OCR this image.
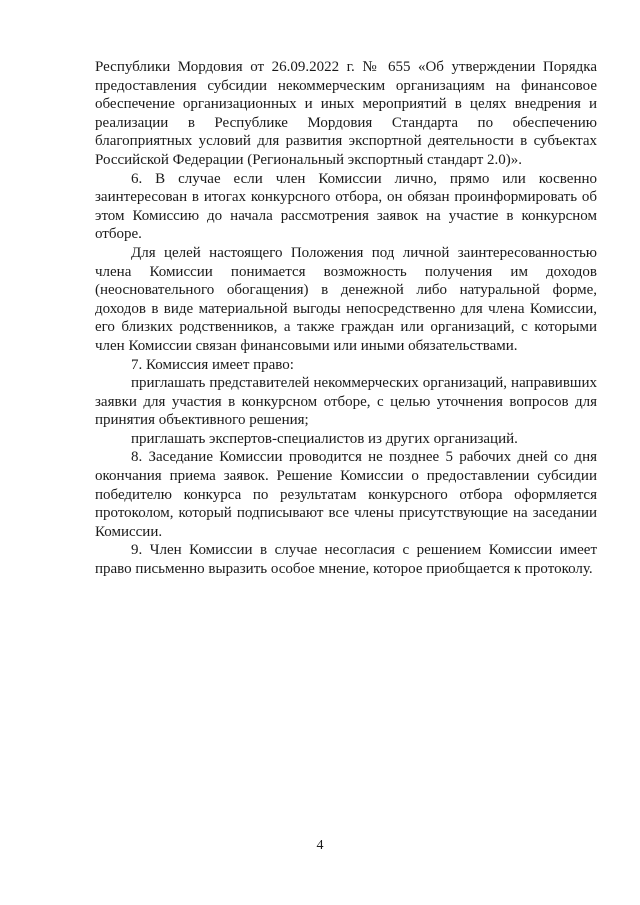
Республики Мордовия от 26.09.2022 г. № 655 «Об утверждении Порядка предоставления субсидии некоммерческим организациям на финансовое обеспечение организационных и иных мероприятий в целях внедрения и реализации в Республике Мордовия Стандарта по обеспечению благоприятных условий для развития экспортной деятельности в субъектах Российской Федерации (Региональный экспортный стандарт 2.0)».

6. В случае если член Комиссии лично, прямо или косвенно заинтересован в итогах конкурсного отбора, он обязан проинформировать об этом Комиссию до начала рассмотрения заявок на участие в конкурсном отборе.

Для целей настоящего Положения под личной заинтересованностью члена Комиссии понимается возможность получения им доходов (неосновательного обогащения) в денежной либо натуральной форме, доходов в виде материальной выгоды непосредственно для члена Комиссии, его близких родственников, а также граждан или организаций, с которыми член Комиссии связан финансовыми или иными обязательствами.

7. Комиссия имеет право:

приглашать представителей некоммерческих организаций, направивших заявки для участия в конкурсном отборе, с целью уточнения вопросов для принятия объективного решения;

приглашать экспертов-специалистов из других организаций.

8. Заседание Комиссии проводится не позднее 5 рабочих дней со дня окончания приема заявок. Решение Комиссии о предоставлении субсидии победителю конкурса по результатам конкурсного отбора оформляется протоколом, который подписывают все члены присутствующие на заседании Комиссии.

9. Член Комиссии в случае несогласия с решением Комиссии имеет право письменно выразить особое мнение, которое приобщается к протоколу.

4
